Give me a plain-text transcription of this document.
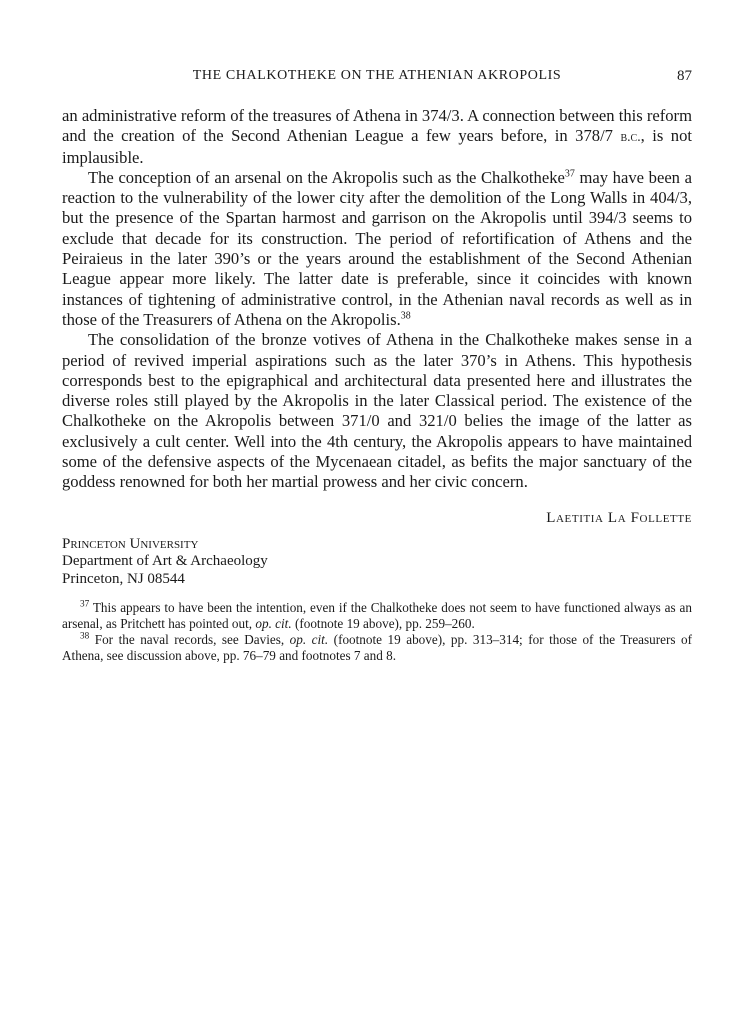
THE CHALKOTHEKE ON THE ATHENIAN AKROPOLIS	87

an administrative reform of the treasures of Athena in 374/3. A connection between this reform and the creation of the Second Athenian League a few years before, in 378/7 b.c., is not implausible.

The conception of an arsenal on the Akropolis such as the Chalkotheke$^{37}$ may have been a reaction to the vulnerability of the lower city after the demolition of the Long Walls in 404/3, but the presence of the Spartan harmost and garrison on the Akropolis until 394/3 seems to exclude that decade for its construction. The period of refortification of Athens and the Peiraieus in the later 390’s or the years around the establishment of the Second Athenian League appear more likely. The latter date is preferable, since it coincides with known instances of tightening of administrative control, in the Athenian naval records as well as in those of the Treasurers of Athena on the Akropolis.$^{38}$

The consolidation of the bronze votives of Athena in the Chalkotheke makes sense in a period of revived imperial aspirations such as the later 370’s in Athens. This hypothesis corresponds best to the epigraphical and architectural data presented here and illustrates the diverse roles still played by the Akropolis in the later Classical period. The existence of the Chalkotheke on the Akropolis between 371/0 and 321/0 belies the image of the latter as exclusively a cult center. Well into the 4th century, the Akropolis appears to have maintained some of the defensive aspects of the Mycenaean citadel, as befits the major sanctuary of the goddess renowned for both her martial prowess and her civic concern.

Laetitia La Follette
Princeton University
Department of Art & Archaeology
Princeton, NJ 08544

$^{37}$ This appears to have been the intention, even if the Chalkotheke does not seem to have functioned always as an arsenal, as Pritchett has pointed out, op. cit. (footnote 19 above), pp. 259–260.

$^{38}$ For the naval records, see Davies, op. cit. (footnote 19 above), pp. 313–314; for those of the Treasurers of Athena, see discussion above, pp. 76–79 and footnotes 7 and 8.
